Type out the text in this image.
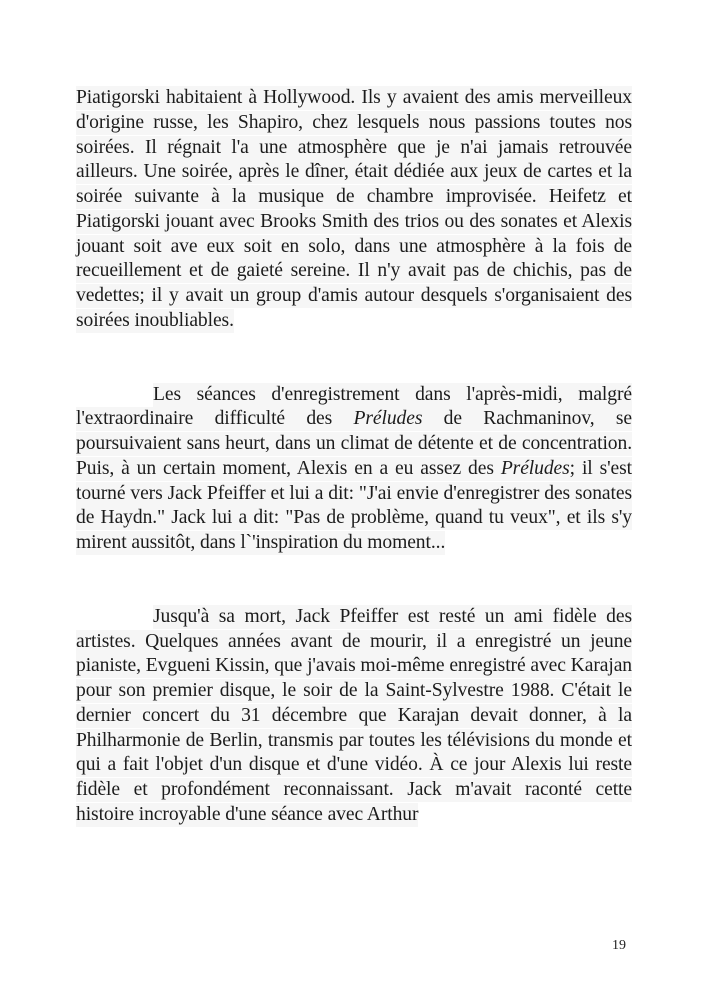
Piatigorski habitaient à Hollywood. Ils y avaient des amis merveilleux d'origine russe, les Shapiro, chez lesquels nous passions toutes nos soirées. Il régnait l'a une atmosphère que je n'ai jamais retrouvée ailleurs. Une soirée, après le dîner, était dédiée aux jeux de cartes et la soirée suivante à la musique de chambre improvisée. Heifetz et Piatigorski jouant avec Brooks Smith des trios ou des sonates et Alexis jouant soit ave eux soit en solo, dans une atmosphère à la fois de recueillement et de gaieté sereine. Il n'y avait pas de chichis, pas de vedettes; il y avait un group d'amis autour desquels s'organisaient des soirées inoubliables.

Les séances d'enregistrement dans l'après-midi, malgré l'extraordinaire difficulté des Préludes de Rachmaninov, se poursuivaient sans heurt, dans un climat de détente et de concentration. Puis, à un certain moment, Alexis en a eu assez des Préludes; il s'est tourné vers Jack Pfeiffer et lui a dit: "J'ai envie d'enregistrer des sonates de Haydn." Jack lui a dit: "Pas de problème, quand tu veux", et ils s'y mirent aussitôt, dans l`'inspiration du moment...

Jusqu'à sa mort, Jack Pfeiffer est resté un ami fidèle des artistes. Quelques années avant de mourir, il a enregistré un jeune pianiste, Evgueni Kissin, que j'avais moi-même enregistré avec Karajan pour son premier disque, le soir de la Saint-Sylvestre 1988. C'était le dernier concert du 31 décembre que Karajan devait donner, à la Philharmonie de Berlin, transmis par toutes les télévisions du monde et qui a fait l'objet d'un disque et d'une vidéo. À ce jour Alexis lui reste fidèle et profondément reconnaissant. Jack m'avait raconté cette histoire incroyable d'une séance avec Arthur

19
